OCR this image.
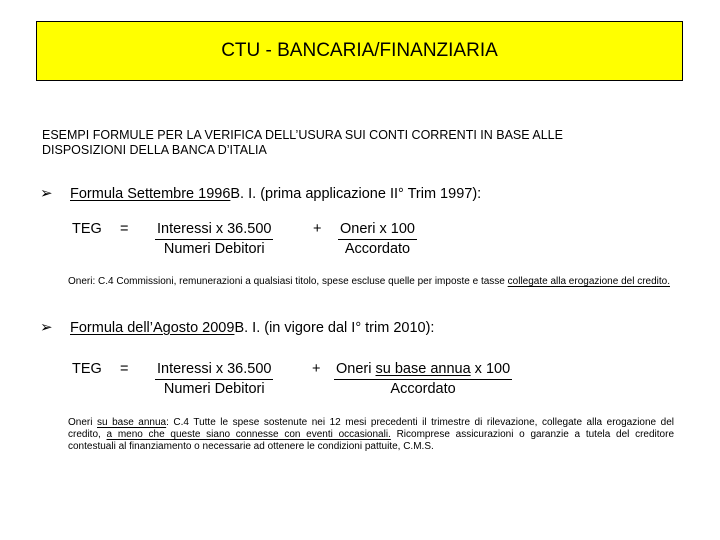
CTU - BANCARIA/FINANZIARIA
ESEMPI FORMULE PER LA VERIFICA DELL’USURA SUI CONTI CORRENTI IN BASE ALLE
DISPOSIZIONI DELLA BANCA D’ITALIA
➢	Formula Settembre 1996 B. I. (prima applicazione II° Trim 1997):
TEG = Interessi x 36.500
Numeri Debitori
+ Oneri x 100
Accordato
Oneri: C.4 Commissioni, remunerazioni a qualsiasi titolo, spese escluse quelle per imposte e tasse collegate alla erogazione del credito.
➢	Formula dell’Agosto 2009 B. I. (in vigore dal I° trim 2010):
TEG = Interessi x 36.500
Numeri Debitori
+ Oneri su base annua x 100
Accordato
Oneri su base annua: C.4 Tutte le spese sostenute nei 12 mesi precedenti il trimestre di rilevazione, collegate alla erogazione del credito, a meno che queste siano connesse con eventi occasionali. Ricomprese assicurazioni o garanzie a tutela del creditore contestuali al finanziamento o necessarie ad ottenere le condizioni pattuite, C.M.S.
